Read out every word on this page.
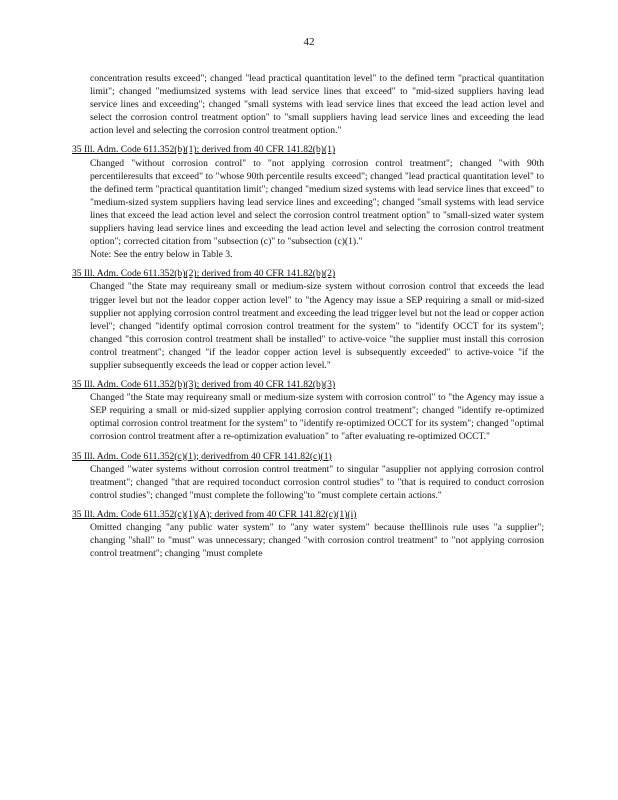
42

concentration results exceed"; changed "lead practical quantitation level" to the defined term "practical quantitation limit"; changed "mediumsized systems with lead service lines that exceed" to "mid-sized suppliers having lead service lines and exceeding"; changed "small systems with lead service lines that exceed the lead action level and select the corrosion control treatment option" to "small suppliers having lead service lines and exceeding the lead action level and selecting the corrosion control treatment option."

35 Ill. Adm. Code 611.352(b)(1); derived from 40 CFR 141.82(b)(1)

Changed "without corrosion control" to "not applying corrosion control treatment"; changed "with 90th percentileresults that exceed" to "whose 90th percentile results exceed"; changed "lead practical quantitation level" to the defined term "practical quantitation limit"; changed "medium sized systems with lead service lines that exceed" to "medium-sized system suppliers having lead service lines and exceeding"; changed "small systems with lead service lines that exceed the lead action level and select the corrosion control treatment option" to "small-sized water system suppliers having lead service lines and exceeding the lead action level and selecting the corrosion control treatment option"; corrected citation from "subsection (c)" to "subsection (c)(1)."

Note: See the entry below in Table 3.

35 Ill. Adm. Code 611.352(b)(2); derived from 40 CFR 141.82(b)(2)

Changed "the State may requireany small or medium-size system without corrosion control that exceeds the lead trigger level but not the leador copper action level" to "the Agency may issue a SEP requiring a small or mid-sized supplier not applying corrosion control treatment and exceeding the lead trigger level but not the lead or copper action level"; changed "identify optimal corrosion control treatment for the system" to "identify OCCT for its system"; changed "this corrosion control treatment shall be installed" to active-voice "the supplier must install this corrosion control treatment"; changed "if the leador copper action level is subsequently exceeded" to active-voice "if the supplier subsequently exceeds the lead or copper action level."

35 Ill. Adm. Code 611.352(b)(3); derived from 40 CFR 141.82(b)(3)

Changed "the State may requireany small or medium-size system with corrosion control" to "the Agency may issue a SEP requiring a small or mid-sized supplier applying corrosion control treatment"; changed "identify re-optimized optimal corrosion control treatment for the system" to "identify re-optimized OCCT for its system"; changed "optimal corrosion control treatment after a re-optimization evaluation" to "after evaluating re-optimized OCCT."

35 Ill. Adm. Code 611.352(c)(1); derivedfrom 40 CFR 141.82(c)(1)

Changed "water systems without corrosion control treatment" to singular "asupplier not applying corrosion control treatment"; changed "that are required toconduct corrosion control studies" to "that is required to conduct corrosion control studies"; changed "must complete the following"to "must complete certain actions."

35 Ill. Adm. Code 611.352(c)(1)(A); derived from 40 CFR 141.82(c)(1)(i)

Omitted changing "any public water system" to "any water system" because theIllinois rule uses "a supplier"; changing "shall" to "must" was unnecessary; changed "with corrosion control treatment" to "not applying corrosion control treatment"; changing "must complete
